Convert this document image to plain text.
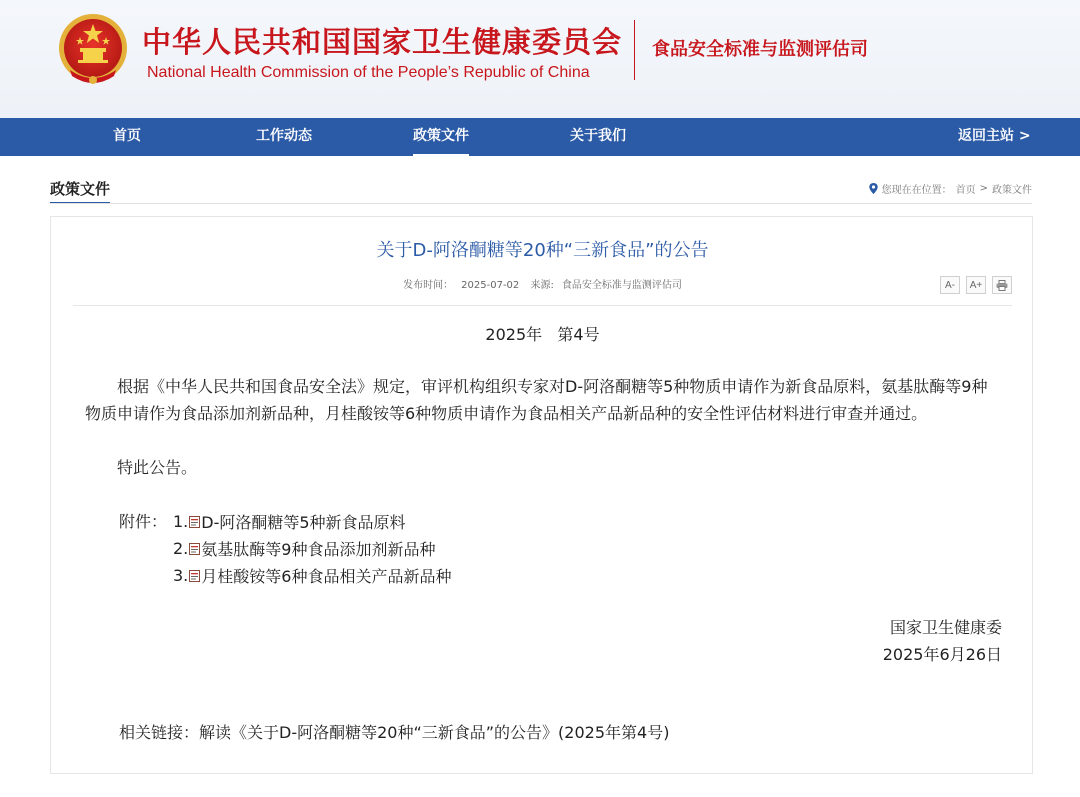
中华人民共和国国家卫生健康委员会
National Health Commission of the People’s Republic of China
食品安全标准与监测评估司
首页	工作动态	政策文件	关于我们	返回主站 >
政策文件	您现在在位置： 首页 > 政策文件
关于D-阿洛酮糖等20种“三新食品”的公告
发布时间： 2025-07-02 来源: 食品安全标准与监测评估司	A-	A+
2025年   第4号
根据《中华人民共和国食品安全法》规定，审评机构组织专家对D-阿洛酮糖等5种物质申请作为新食品原料，氨基肽酶等9种物质申请作为食品添加剂新品种，月桂酸铵等6种物质申请作为食品相关产品新品种的安全性评估材料进行审查并通过。
特此公告。
附件： 1. D-阿洛酮糖等5种新食品原料
2. 氨基肽酶等9种食品添加剂新品种
3. 月桂酸铵等6种食品相关产品新品种
国家卫生健康委
2025年6月26日
相关链接：解读《关于D-阿洛酮糖等20种“三新食品”的公告》(2025年第4号)
